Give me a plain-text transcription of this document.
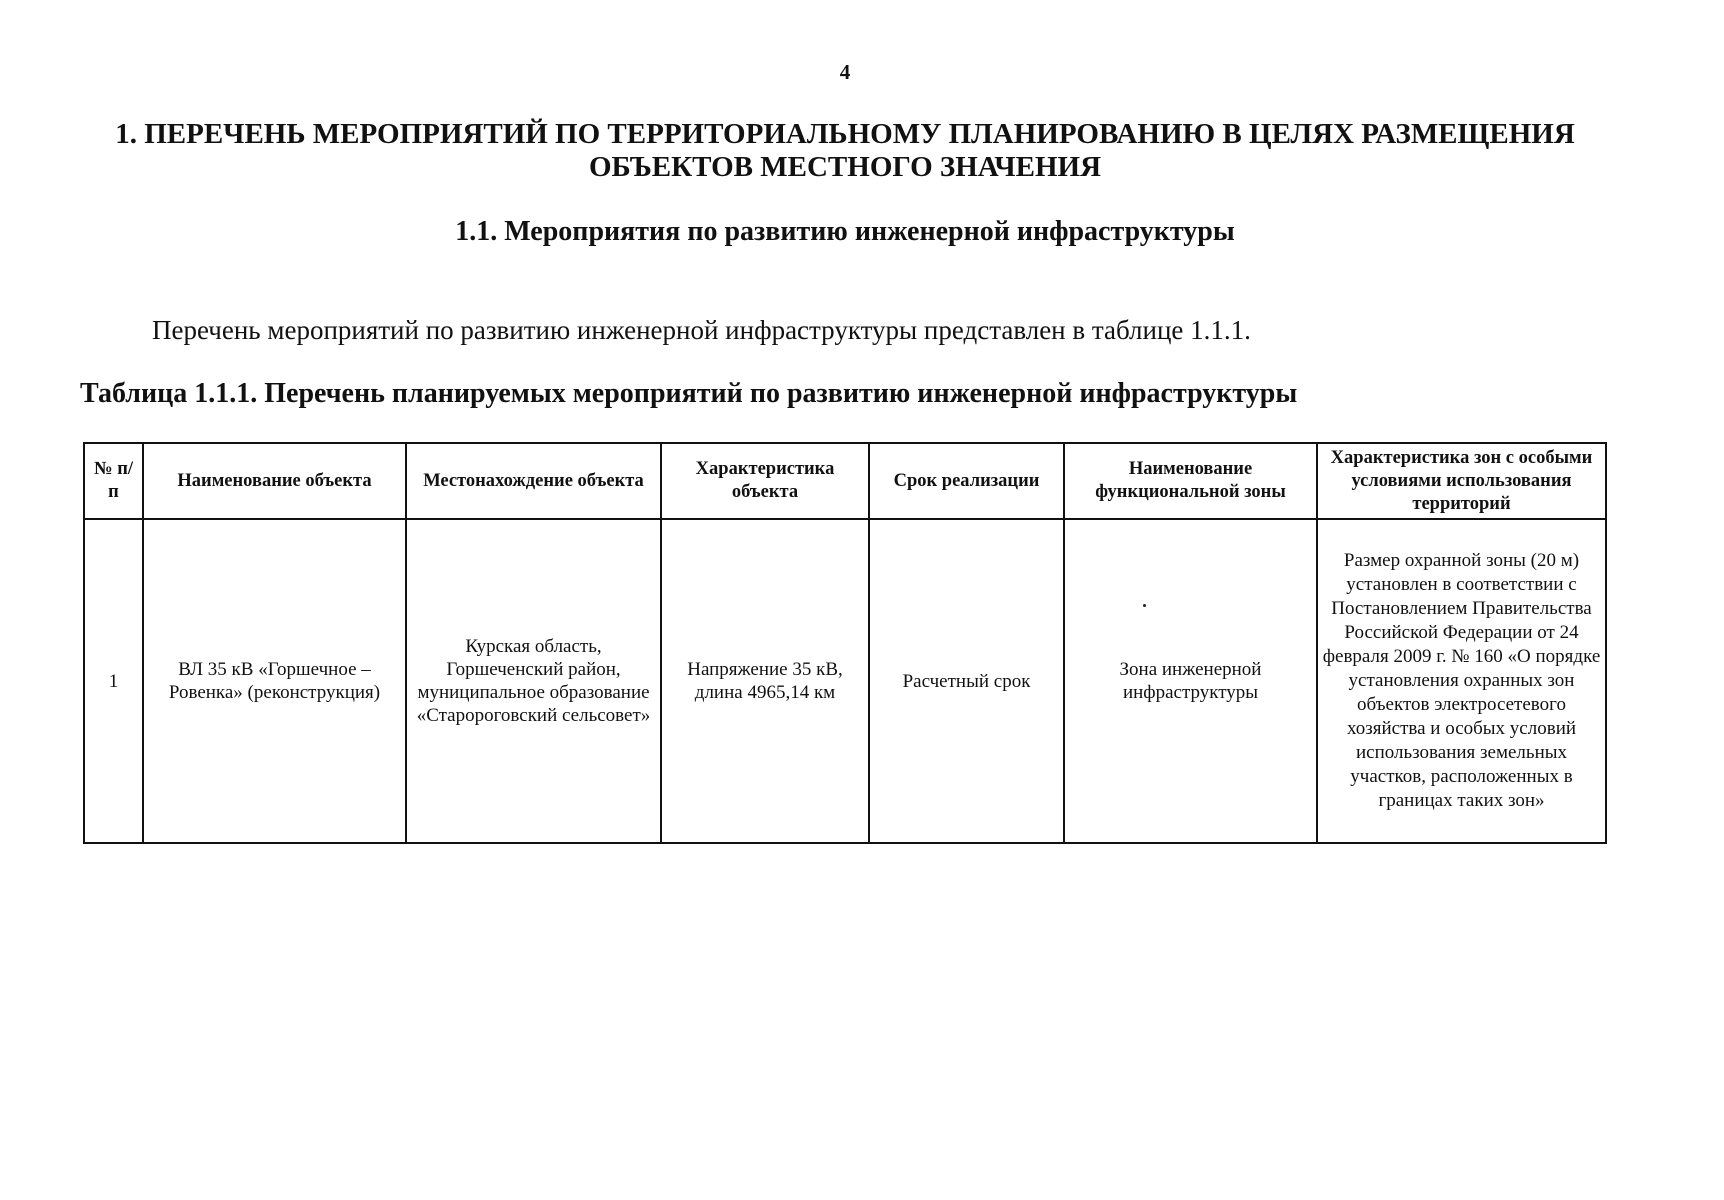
4
1. ПЕРЕЧЕНЬ МЕРОПРИЯТИЙ ПО ТЕРРИТОРИАЛЬНОМУ ПЛАНИРОВАНИЮ В ЦЕЛЯХ РАЗМЕЩЕНИЯ ОБЪЕКТОВ МЕСТНОГО ЗНАЧЕНИЯ
1.1. Мероприятия по развитию инженерной инфраструктуры

Перечень мероприятий по развитию инженерной инфраструктуры представлен в таблице 1.1.1.

Таблица 1.1.1. Перечень планируемых мероприятий по развитию инженерной инфраструктуры

№ п/п	Наименование объекта	Местонахождение объекта	Характеристика объекта	Срок реализации	Наименование функциональной зоны	Характеристика зон с особыми условиями использования территорий
1	ВЛ 35 кВ «Горшечное – Ровенка» (реконструкция)	Курская область, Горшеченский район, муниципальное образование «Старороговский сельсовет»	Напряжение 35 кВ, длина 4965,14 км	Расчетный срок	Зона инженерной инфраструктуры	Размер охранной зоны (20 м) установлен в соответствии с Постановлением Правительства Российской Федерации от 24 февраля 2009 г. № 160 «О порядке установления охранных зон объектов электросетевого хозяйства и особых условий использования земельных участков, расположенных в границах таких зон»
